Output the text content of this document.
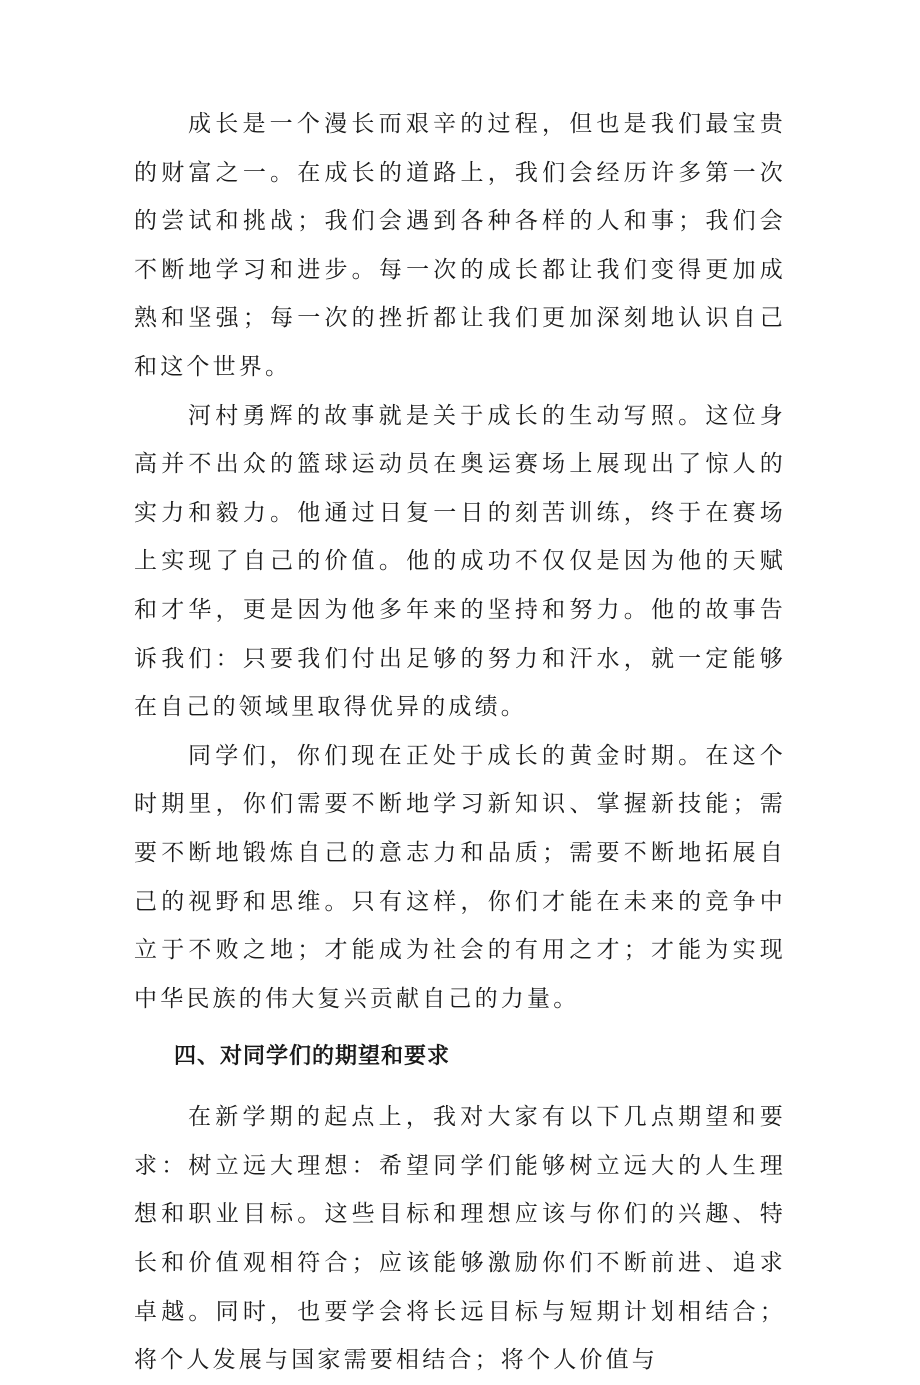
成长是一个漫长而艰辛的过程，但也是我们最宝贵的财富之一。在成长的道路上，我们会经历许多第一次的尝试和挑战；我们会遇到各种各样的人和事；我们会不断地学习和进步。每一次的成长都让我们变得更加成熟和坚强；每一次的挫折都让我们更加深刻地认识自己和这个世界。

河村勇辉的故事就是关于成长的生动写照。这位身高并不出众的篮球运动员在奥运赛场上展现出了惊人的实力和毅力。他通过日复一日的刻苦训练，终于在赛场上实现了自己的价值。他的成功不仅仅是因为他的天赋和才华，更是因为他多年来的坚持和努力。他的故事告诉我们：只要我们付出足够的努力和汗水，就一定能够在自己的领域里取得优异的成绩。

同学们，你们现在正处于成长的黄金时期。在这个时期里，你们需要不断地学习新知识、掌握新技能；需要不断地锻炼自己的意志力和品质；需要不断地拓展自己的视野和思维。只有这样，你们才能在未来的竞争中立于不败之地；才能成为社会的有用之才；才能为实现中华民族的伟大复兴贡献自己的力量。

四、对同学们的期望和要求

在新学期的起点上，我对大家有以下几点期望和要求：树立远大理想：希望同学们能够树立远大的人生理想和职业目标。这些目标和理想应该与你们的兴趣、特长和价值观相符合；应该能够激励你们不断前进、追求卓越。同时，也要学会将长远目标与短期计划相结合；将个人发展与国家需要相结合；将个人价值与
